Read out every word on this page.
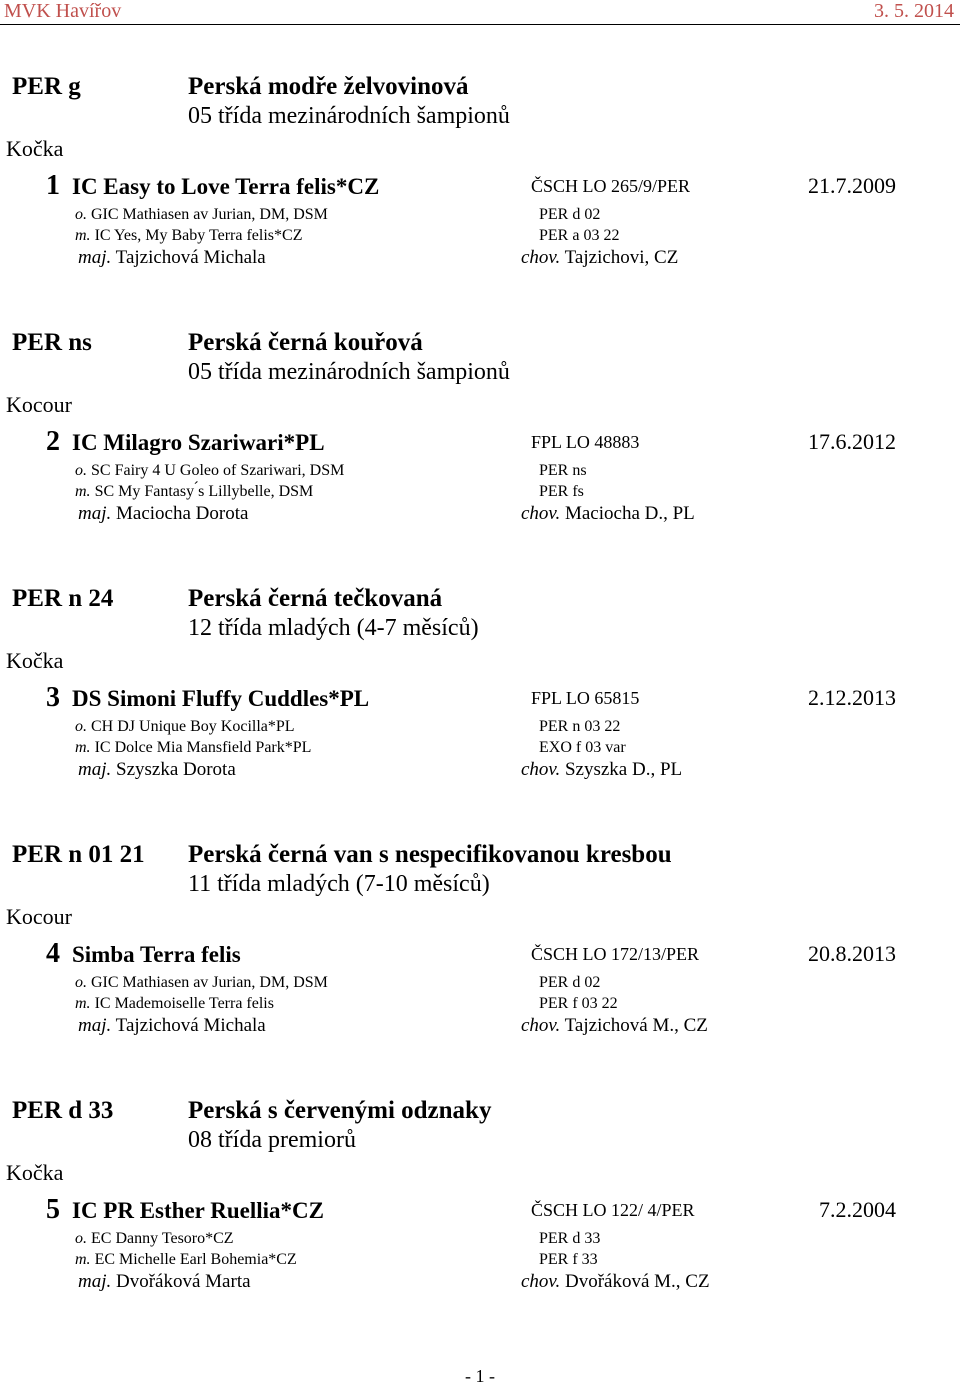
MVK Havířov	3. 5. 2014
PER g	Perská modře želvovinová
05 třída mezinárodních šampionů
Kočka
1 IC Easy to Love Terra felis*CZ	ČSCH LO 265/9/PER	21.7.2009
o. GIC Mathiasen av Jurian, DM, DSM	PER d 02
m. IC Yes, My Baby Terra felis*CZ	PER a 03 22
maj. Tajzichová Michala	chov. Tajzichovi, CZ
PER ns	Perská černá kouřová
05 třída mezinárodních šampionů
Kocour
2 IC Milagro Szariwari*PL	FPL LO 48883	17.6.2012
o. SC Fairy 4 U Goleo of Szariwari, DSM	PER ns
m. SC My Fantasy ́s Lillybelle, DSM	PER fs
maj. Maciocha Dorota	chov. Maciocha D., PL
PER n 24	Perská černá tečkovaná
12 třída mladých (4-7 měsíců)
Kočka
3 DS Simoni Fluffy Cuddles*PL	FPL LO 65815	2.12.2013
o. CH DJ Unique Boy Kocilla*PL	PER n 03 22
m. IC Dolce Mia Mansfield Park*PL	EXO f 03 var
maj. Szyszka Dorota	chov. Szyszka D., PL
PER n 01 21 Perská černá van s nespecifikovanou kresbou
11 třída mladých (7-10 měsíců)
Kocour
4 Simba Terra felis	ČSCH LO 172/13/PER	20.8.2013
o. GIC Mathiasen av Jurian, DM, DSM	PER d 02
m. IC Mademoiselle Terra felis	PER f 03 22
maj. Tajzichová Michala	chov. Tajzichová M., CZ
PER d 33	Perská s červenými odznaky
08 třída premiorů
Kočka
5 IC PR Esther Ruellia*CZ	ČSCH LO 122/ 4/PER	7.2.2004
o. EC Danny Tesoro*CZ	PER d 33
m. EC Michelle Earl Bohemia*CZ	PER f 33
maj. Dvořáková Marta	chov. Dvořáková M., CZ
- 1 -
